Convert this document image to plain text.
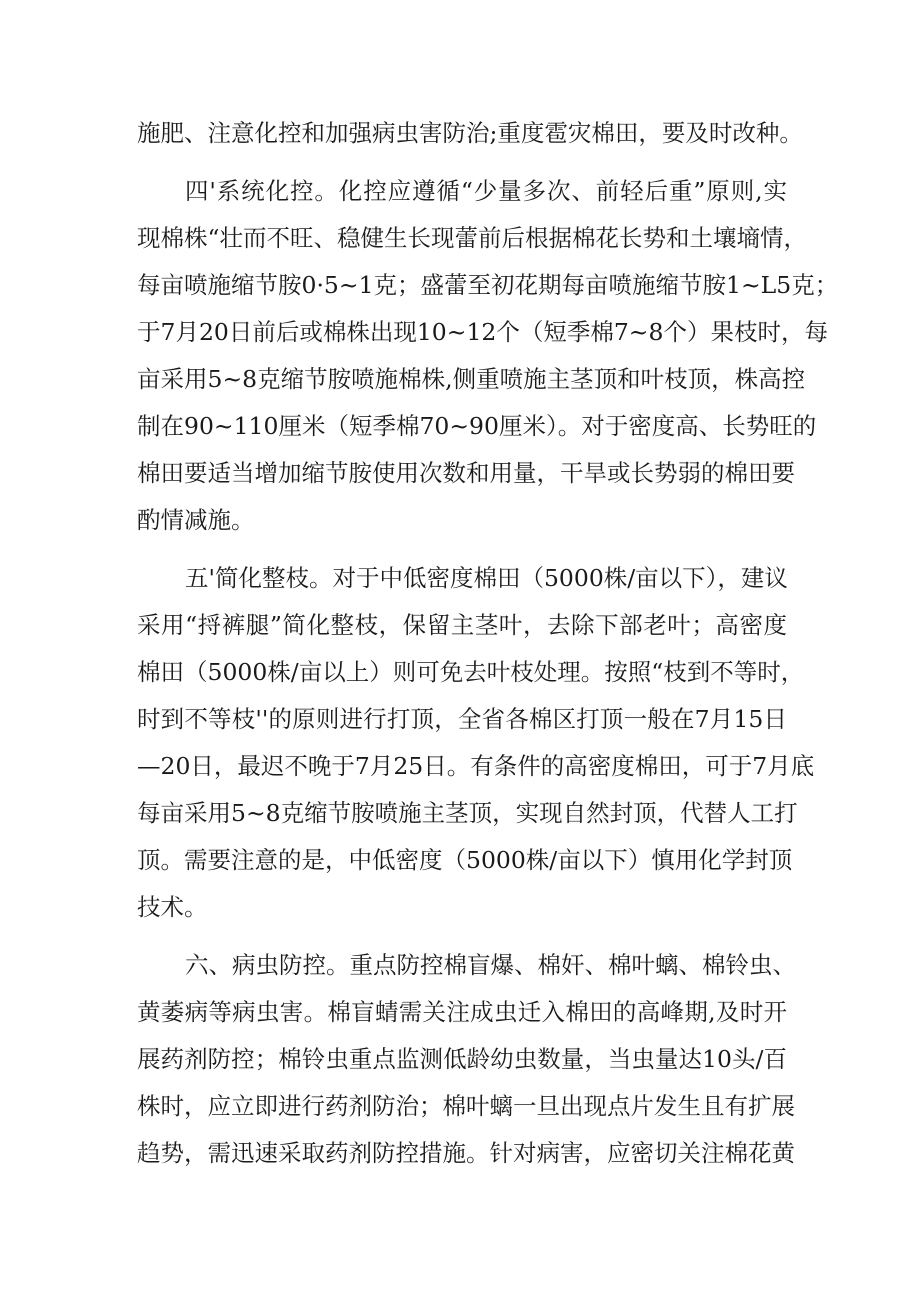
施肥、注意化控和加强病虫害防治;重度雹灾棉田，要及时改种。
四'系统化控。化控应遵循“少量多次、前轻后重”原则,实
现棉株“壮而不旺、稳健生长现蕾前后根据棉花长势和土壤墒情，
每亩喷施缩节胺0·5~1克；盛蕾至初花期每亩喷施缩节胺1~L5克；
于7月20日前后或棉株出现10~12个（短季棉7~8个）果枝时，每
亩采用5~8克缩节胺喷施棉株,侧重喷施主茎顶和叶枝顶，株高控
制在90~110厘米（短季棉70~90厘米）。对于密度高、长势旺的
棉田要适当增加缩节胺使用次数和用量，干旱或长势弱的棉田要
酌情减施。
五'简化整枝。对于中低密度棉田（5000株/亩以下），建议
采用“捋裤腿”简化整枝，保留主茎叶，去除下部老叶；高密度
棉田（5000株/亩以上）则可免去叶枝处理。按照“枝到不等时，
时到不等枝''的原则进行打顶，全省各棉区打顶一般在7月15日
—20日，最迟不晚于7月25日。有条件的高密度棉田，可于7月底
每亩采用5~8克缩节胺喷施主茎顶，实现自然封顶，代替人工打
顶。需要注意的是，中低密度（5000株/亩以下）慎用化学封顶
技术。
六、病虫防控。重点防控棉盲爆、棉奸、棉叶螭、棉铃虫、
黄萎病等病虫害。棉盲蜻需关注成虫迁入棉田的高峰期,及时开
展药剂防控；棉铃虫重点监测低龄幼虫数量，当虫量达10头/百
株时，应立即进行药剂防治；棉叶螭一旦出现点片发生且有扩展
趋势，需迅速采取药剂防控措施。针对病害，应密切关注棉花黄
